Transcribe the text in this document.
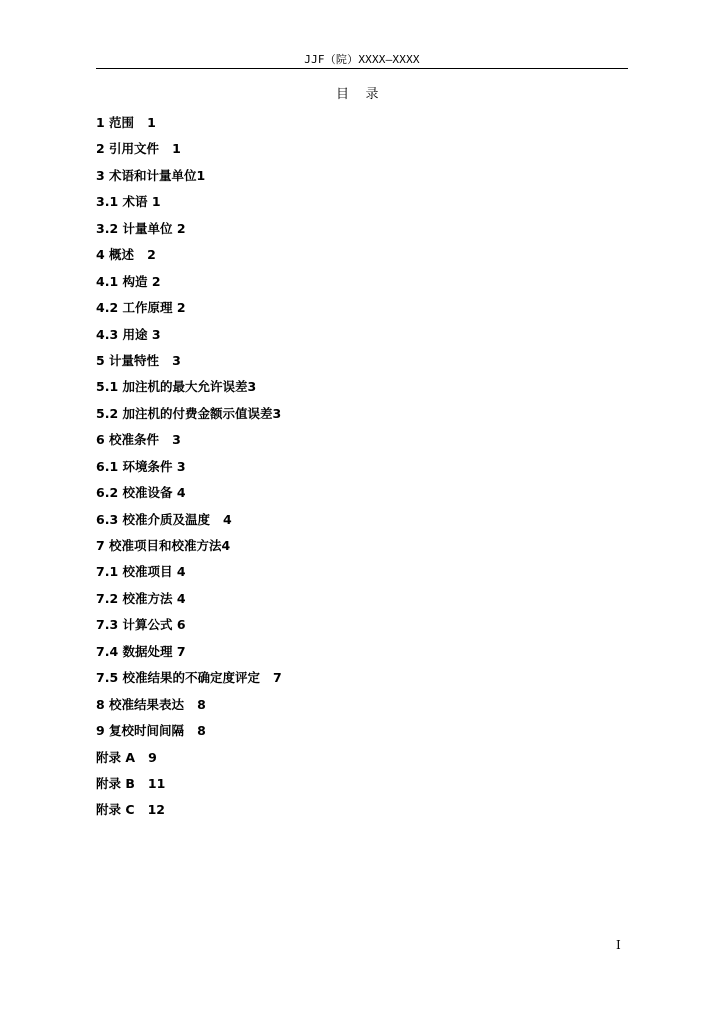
JJF（院）XXXX—XXXX
目    录
1 范围   1
2 引用文件   1
3 术语和计量单位1
3.1 术语 1
3.2 计量单位 2
4 概述   2
4.1 构造 2
4.2 工作原理 2
4.3 用途 3
5 计量特性   3
5.1 加注机的最大允许误差3
5.2 加注机的付费金额示值误差3
6 校准条件   3
6.1 环境条件 3
6.2 校准设备 4
6.3 校准介质及温度   4
7 校准项目和校准方法4
7.1 校准项目 4
7.2 校准方法 4
7.3 计算公式 6
7.4 数据处理 7
7.5 校准结果的不确定度评定   7
8 校准结果表达   8
9 复校时间间隔   8
附录 A   9
附录 B   11
附录 C   12
I
